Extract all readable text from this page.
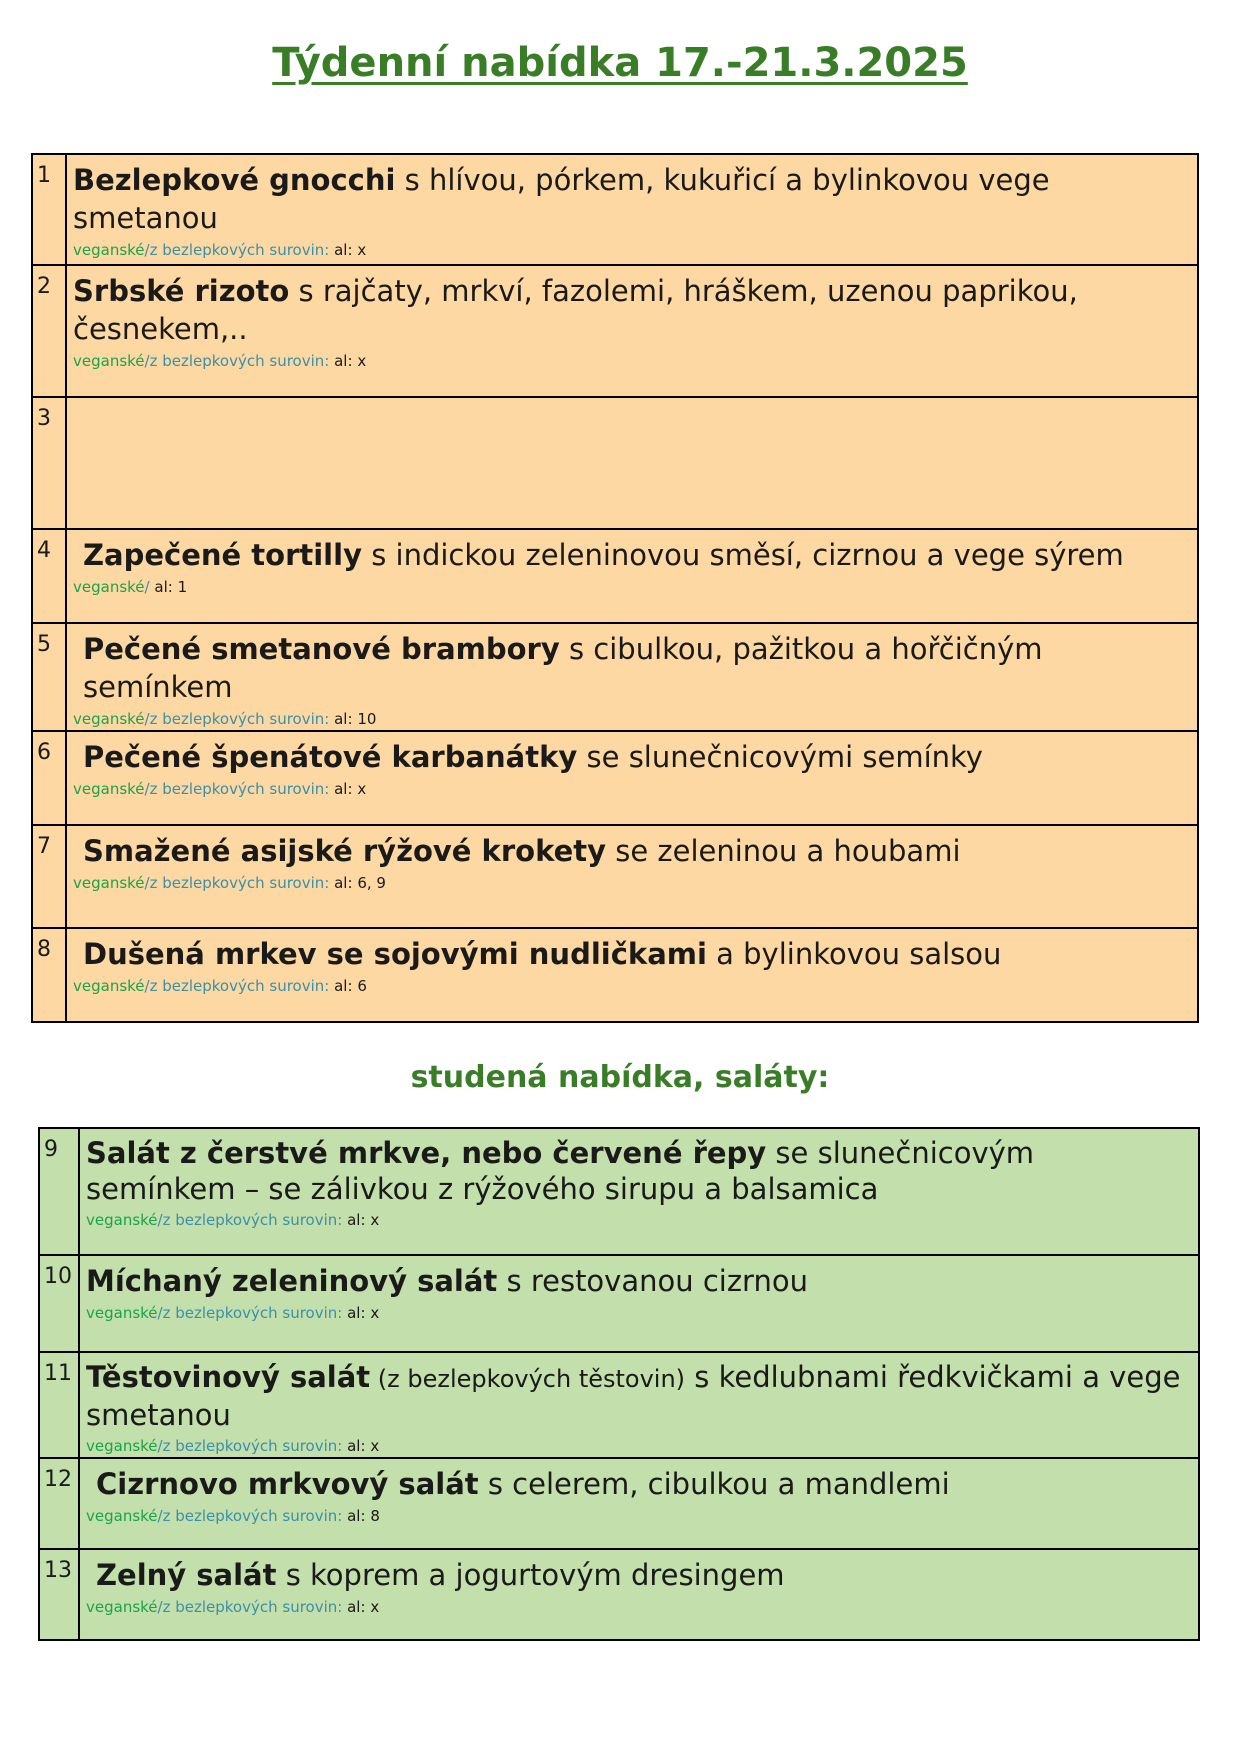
Týdenní nabídka 17.-21.3.2025
1	Bezlepkové gnocchi s hlívou, pórkem, kukuřicí a bylinkovou vege smetanou
veganské/z bezlepkových surovin: al: x

2	Srbské rizoto s rajčaty, mrkví, fazolemi, hráškem, uzenou paprikou, česnekem,..
veganské/z bezlepkových surovin: al: x

3	
4	Zapečené tortilly s indickou zeleninovou směsí, cizrnou a vege sýrem
veganské/ al: 1

5	Pečené smetanové brambory s cibulkou, pažitkou a hořčičným semínkem
veganské/z bezlepkových surovin: al: 10

6	Pečené špenátové karbanátky se slunečnicovými semínky
veganské/z bezlepkových surovin: al: x

7	Smažené asijské rýžové krokety se zeleninou a houbami
veganské/z bezlepkových surovin: al: 6, 9

8	Dušená mrkev se sojovými nudličkami a bylinkovou salsou
veganské/z bezlepkových surovin: al: 6
studená nabídka, saláty:
9	Salát z čerstvé mrkve, nebo červené řepy se slunečnicovým semínkem – se zálivkou z rýžového sirupu a balsamica
veganské/z bezlepkových surovin: al: x

10	Míchaný zeleninový salát s restovanou cizrnou
veganské/z bezlepkových surovin: al: x

11	Těstovinový salát (z bezlepkových těstovin) s kedlubnami ředkvičkami a vege smetanou
veganské/z bezlepkových surovin: al: x

12	Cizrnovo mrkvový salát s celerem, cibulkou a mandlemi
veganské/z bezlepkových surovin: al: 8

13	Zelný salát s koprem a jogurtovým dresingem
veganské/z bezlepkových surovin: al: x
